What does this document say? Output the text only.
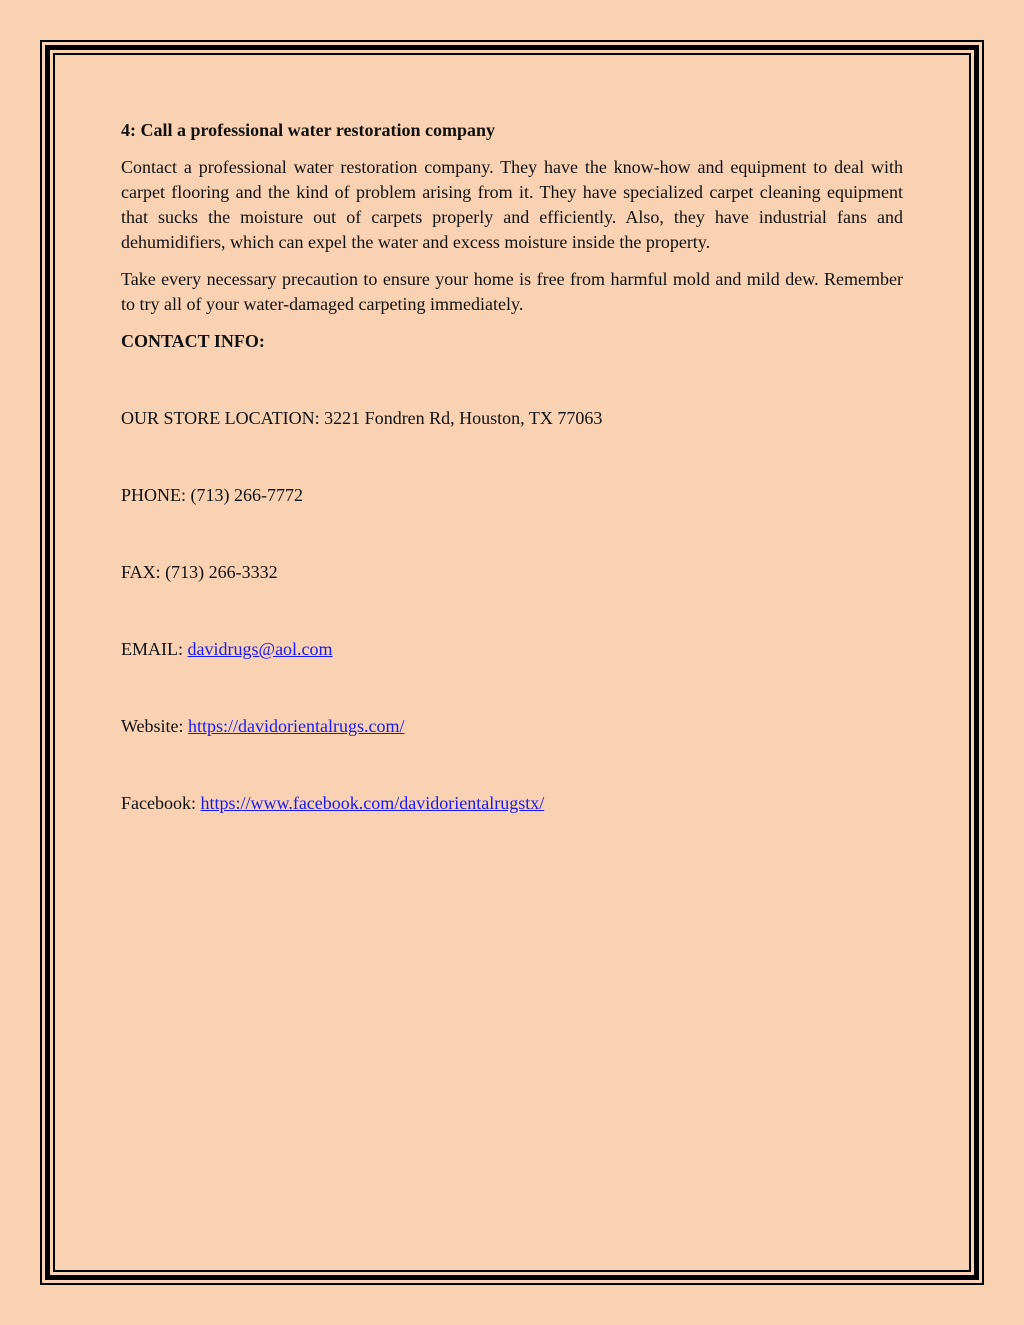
4: Call a professional water restoration company

Contact a professional water restoration company. They have the know-how and equipment to deal with carpet flooring and the kind of problem arising from it. They have specialized carpet cleaning equipment that sucks the moisture out of carpets properly and efficiently. Also, they have industrial fans and dehumidifiers, which can expel the water and excess moisture inside the property.

Take every necessary precaution to ensure your home is free from harmful mold and mild dew. Remember to try all of your water-damaged carpeting immediately.

CONTACT INFO:

OUR STORE LOCATION: 3221 Fondren Rd, Houston, TX 77063

PHONE: (713) 266-7772

FAX: (713) 266-3332

EMAIL: davidrugs@aol.com

Website: https://davidorientalrugs.com/

Facebook: https://www.facebook.com/davidorientalrugstx/
